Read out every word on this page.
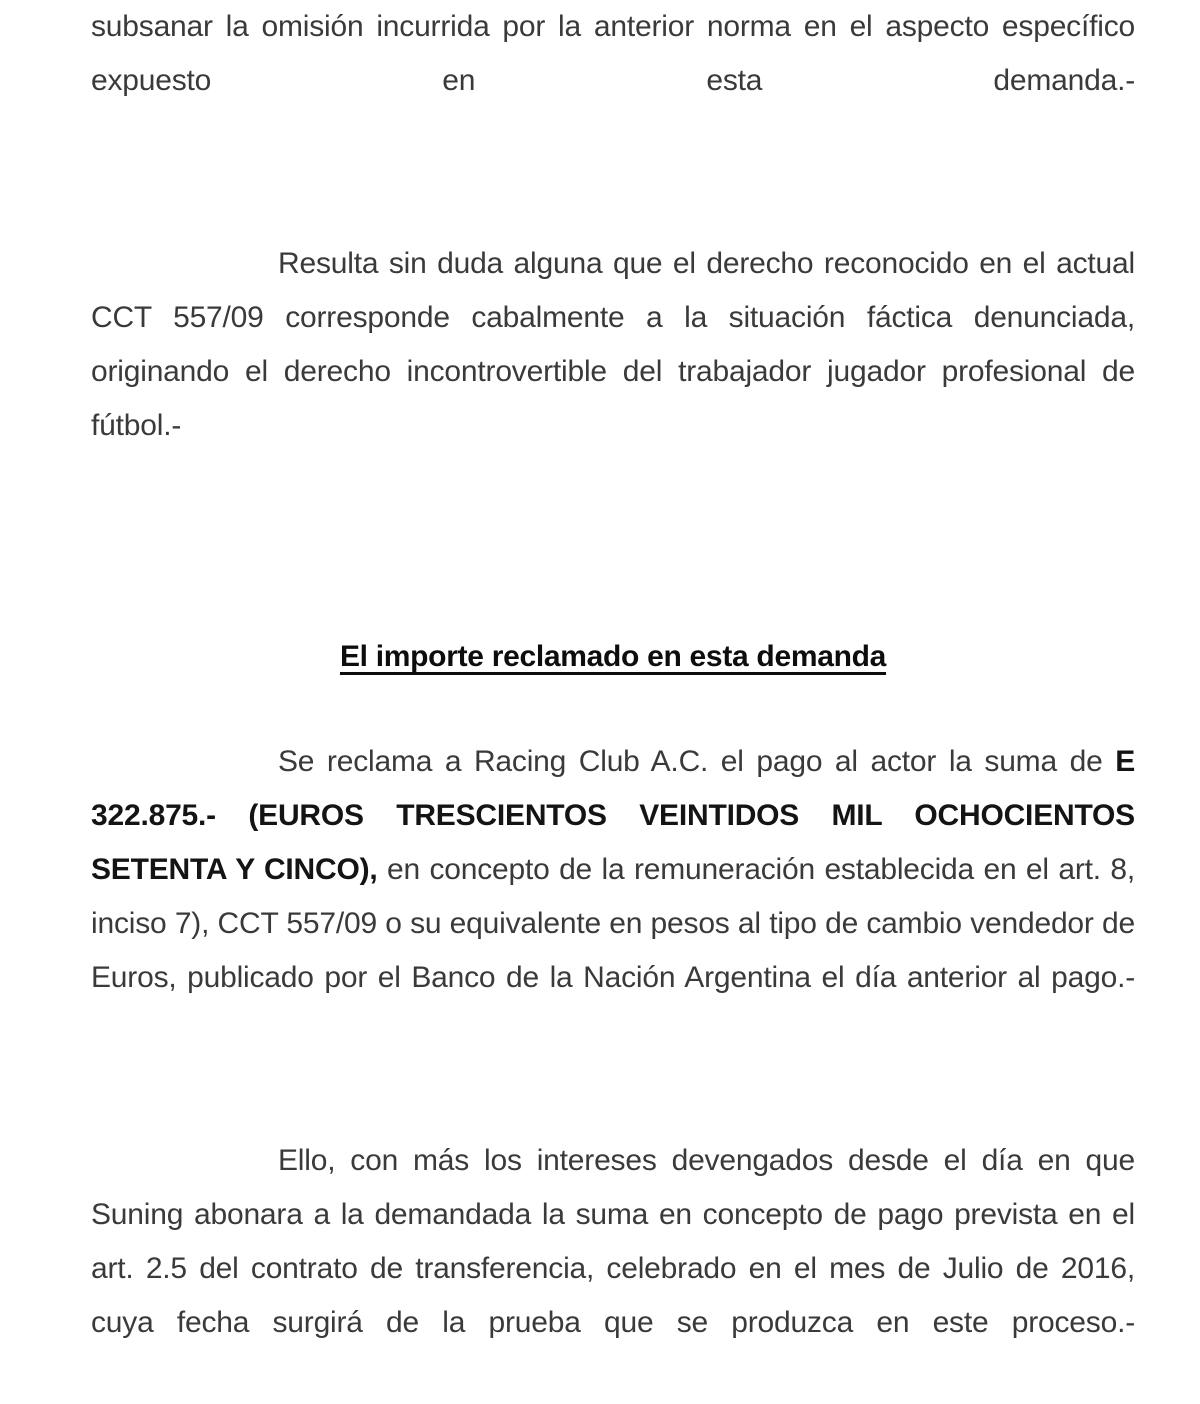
subsanar la omisión incurrida por la anterior norma en el aspecto específico expuesto en esta demanda.-

Resulta sin duda alguna que el derecho reconocido en el actual CCT 557/09 corresponde cabalmente a la situación fáctica denunciada, originando el derecho incontrovertible del trabajador jugador profesional de fútbol.-

El importe reclamado en esta demanda

Se reclama a Racing Club A.C. el pago al actor la suma de E 322.875.- (EUROS TRESCIENTOS VEINTIDOS MIL OCHOCIENTOS SETENTA Y CINCO), en concepto de la remuneración establecida en el art. 8, inciso 7), CCT 557/09 o su equivalente en pesos al tipo de cambio vendedor de Euros, publicado por el Banco de la Nación Argentina el día anterior al pago.-

Ello, con más los intereses devengados desde el día en que Suning abonara a la demandada la suma en concepto de pago prevista en el art. 2.5 del contrato de transferencia, celebrado en el mes de Julio de 2016, cuya fecha surgirá de la prueba que se produzca en este proceso.-
